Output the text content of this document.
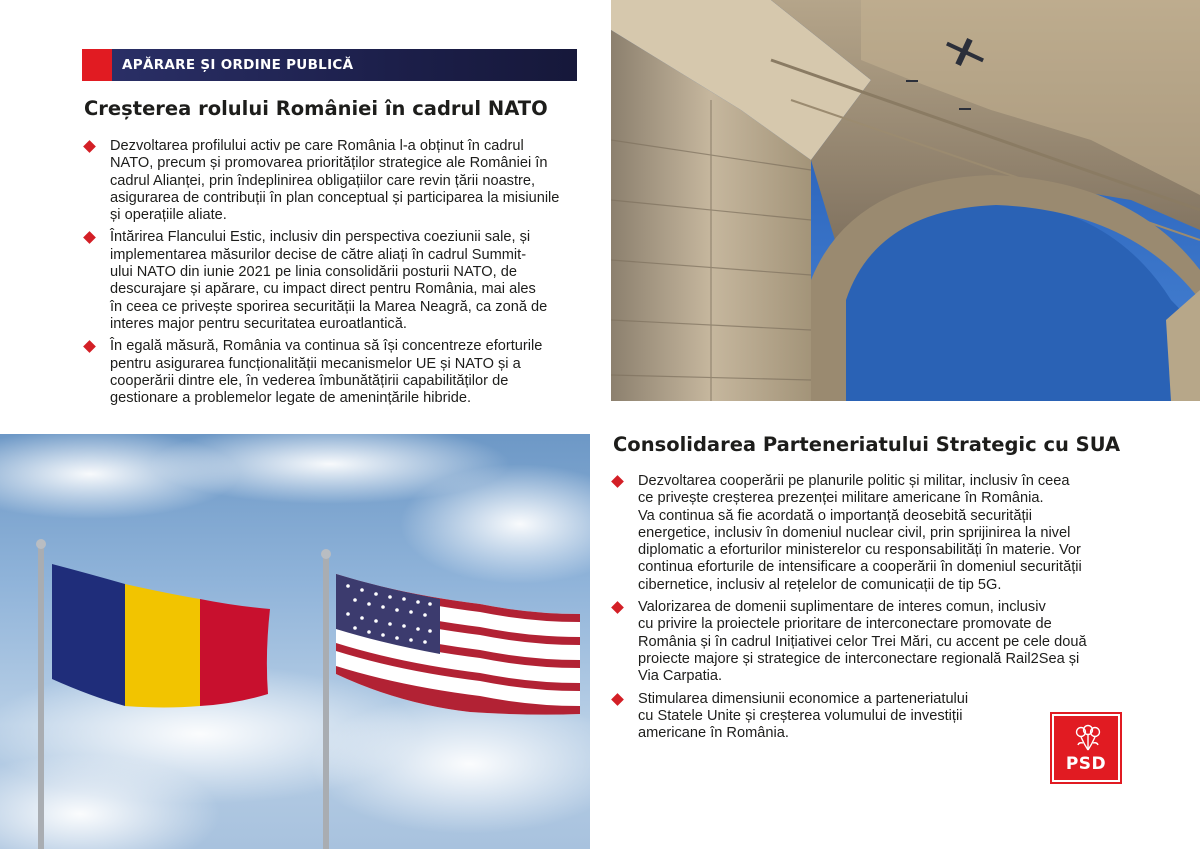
APĂRARE ȘI ORDINE PUBLICĂ
Creșterea rolului României în cadrul NATO
Dezvoltarea profilului activ pe care România l-a obținut în cadrul
NATO, precum și promovarea priorităților strategice ale României în
cadrul Alianței, prin îndeplinirea obligațiilor care revin țării noastre,
asigurarea de contribuții în plan conceptual și participarea la misiunile
și operațiile aliate.
Întărirea Flancului Estic, inclusiv din perspectiva coeziunii sale, și
implementarea măsurilor decise de către aliați în cadrul Summit-
ului NATO din iunie 2021 pe linia consolidării posturii NATO, de
descurajare și apărare, cu impact direct pentru România, mai ales
în ceea ce privește sporirea securității la Marea Neagră, ca zonă de
interes major pentru securitatea euroatlantică.
În egală măsură, România va continua să își concentreze eforturile
pentru asigurarea funcționalității mecanismelor UE și NATO și a
cooperării dintre ele, în vederea îmbunătățirii capabilităților de
gestionare a problemelor legate de amenințările hibride.
Consolidarea Parteneriatului Strategic cu SUA
Dezvoltarea cooperării pe planurile politic și militar, inclusiv în ceea
ce privește creșterea prezenței militare americane în România.
Va continua să fie acordată o importanță deosebită securității
energetice, inclusiv în domeniul nuclear civil, prin sprijinirea la nivel
diplomatic a eforturilor ministerelor cu responsabilități în materie. Vor
continua eforturile de intensificare a cooperării în domeniul securității
cibernetice, inclusiv al rețelelor de comunicații de tip 5G.
Valorizarea de domenii suplimentare de interes comun, inclusiv
cu privire la proiectele prioritare de interconectare promovate de
România și în cadrul Inițiativei celor Trei Mări, cu accent pe cele două
proiecte majore și strategice de interconectare regională Rail2Sea și
Via Carpatia.
Stimularea dimensiunii economice a parteneriatului
cu Statele Unite și creșterea volumului de investiții
americane în România.
PSD
